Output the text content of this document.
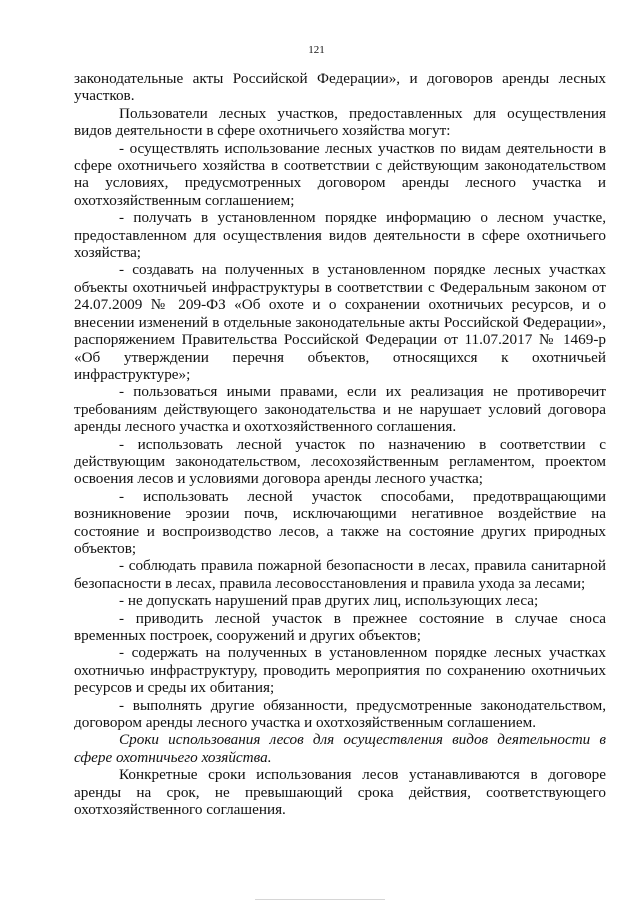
121

законодательные акты Российской Федерации», и договоров аренды лесных участков.

Пользователи лесных участков, предоставленных для осуществления видов деятельности в сфере охотничьего хозяйства могут:

- осуществлять использование лесных участков по видам деятельности в сфере охотничьего хозяйства в соответствии с действующим законодательством на условиях, предусмотренных договором аренды лесного участка и охотхозяйственным соглашением;

- получать в установленном порядке информацию о лесном участке, предоставленном для осуществления видов деятельности в сфере охотничьего хозяйства;

- создавать на полученных в установленном порядке лесных участках объекты охотничьей инфраструктуры в соответствии с Федеральным законом от 24.07.2009 № 209-ФЗ «Об охоте и о сохранении охотничьих ресурсов, и о внесении изменений в отдельные законодательные акты Российской Федерации», распоряжением Правительства Российской Федерации от 11.07.2017 № 1469-р «Об утверждении перечня объектов, относящихся к охотничьей инфраструктуре»;

- пользоваться иными правами, если их реализация не противоречит требованиям действующего законодательства и не нарушает условий договора аренды лесного участка и охотхозяйственного соглашения.

- использовать лесной участок по назначению в соответствии с действующим законодательством, лесохозяйственным регламентом, проектом освоения лесов и условиями договора аренды лесного участка;

- использовать лесной участок способами, предотвращающими возникновение эрозии почв, исключающими негативное воздействие на состояние и воспроизводство лесов, а также на состояние других природных объектов;

- соблюдать правила пожарной безопасности в лесах, правила санитарной безопасности в лесах, правила лесовосстановления и правила ухода за лесами;

- не допускать нарушений прав других лиц, использующих леса;

- приводить лесной участок в прежнее состояние в случае сноса временных построек, сооружений и других объектов;

- содержать на полученных в установленном порядке лесных участках охотничью инфраструктуру, проводить мероприятия по сохранению охотничьих ресурсов и среды их обитания;

- выполнять другие обязанности, предусмотренные законодательством, договором аренды лесного участка и охотхозяйственным соглашением.

Сроки использования лесов для осуществления видов деятельности в сфере охотничьего хозяйства.

Конкретные сроки использования лесов устанавливаются в договоре аренды на срок, не превышающий срока действия, соответствующего охотхозяйственного соглашения.
